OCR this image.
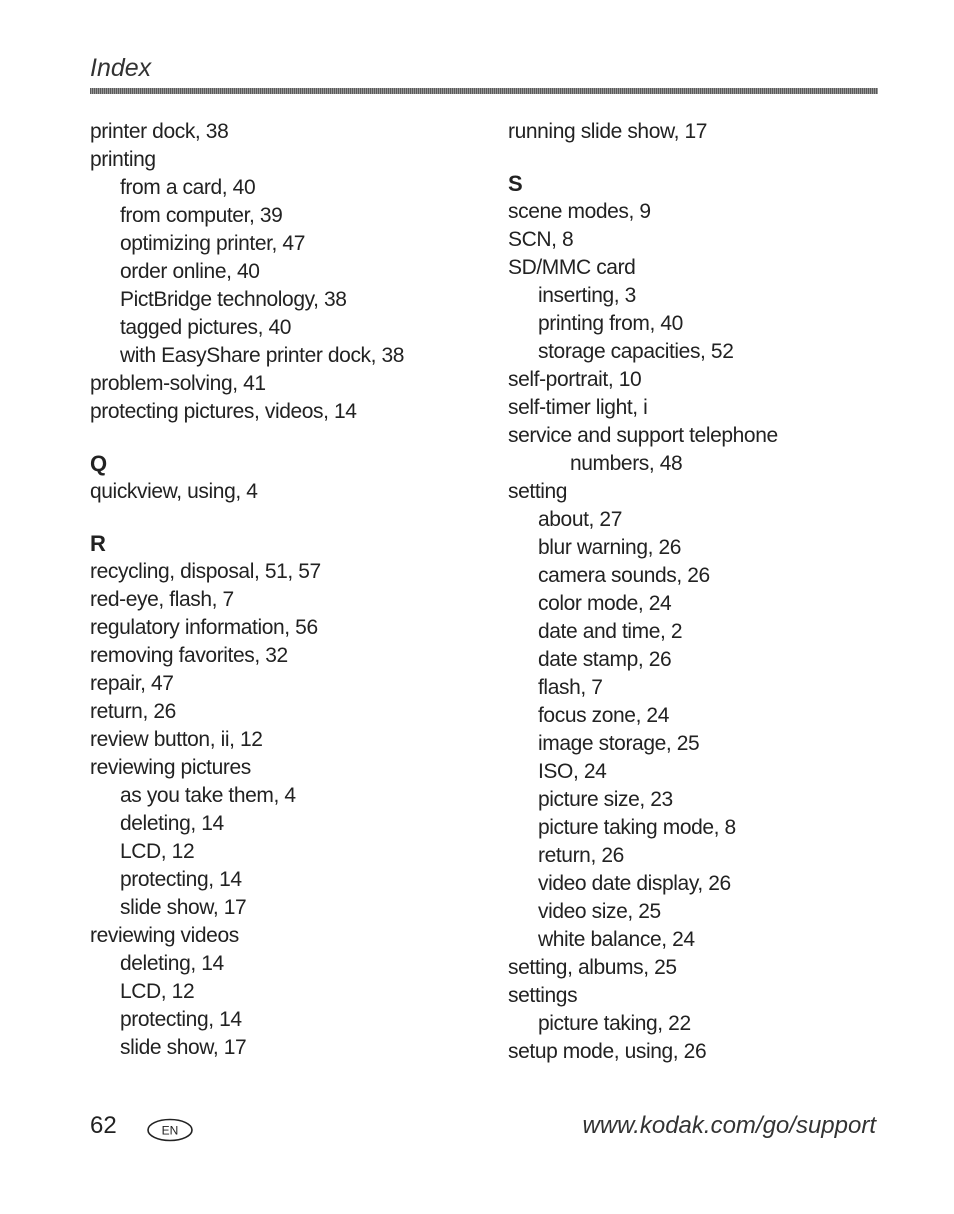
Index
printer dock, 38
printing
from a card, 40
from computer, 39
optimizing printer, 47
order online, 40
PictBridge technology, 38
tagged pictures, 40
with EasyShare printer dock, 38
problem-solving, 41
protecting pictures, videos, 14
Q
quickview, using, 4
R
recycling, disposal, 51, 57
red-eye, flash, 7
regulatory information, 56
removing favorites, 32
repair, 47
return, 26
review button, ii, 12
reviewing pictures
as you take them, 4
deleting, 14
LCD, 12
protecting, 14
slide show, 17
reviewing videos
deleting, 14
LCD, 12
protecting, 14
slide show, 17
running slide show, 17
S
scene modes, 9
SCN, 8
SD/MMC card
inserting, 3
printing from, 40
storage capacities, 52
self-portrait, 10
self-timer light, i
service and support telephone
numbers, 48
setting
about, 27
blur warning, 26
camera sounds, 26
color mode, 24
date and time, 2
date stamp, 26
flash, 7
focus zone, 24
image storage, 25
ISO, 24
picture size, 23
picture taking mode, 8
return, 26
video date display, 26
video size, 25
white balance, 24
setting, albums, 25
settings
picture taking, 22
setup mode, using, 26
62	EN	www.kodak.com/go/support
